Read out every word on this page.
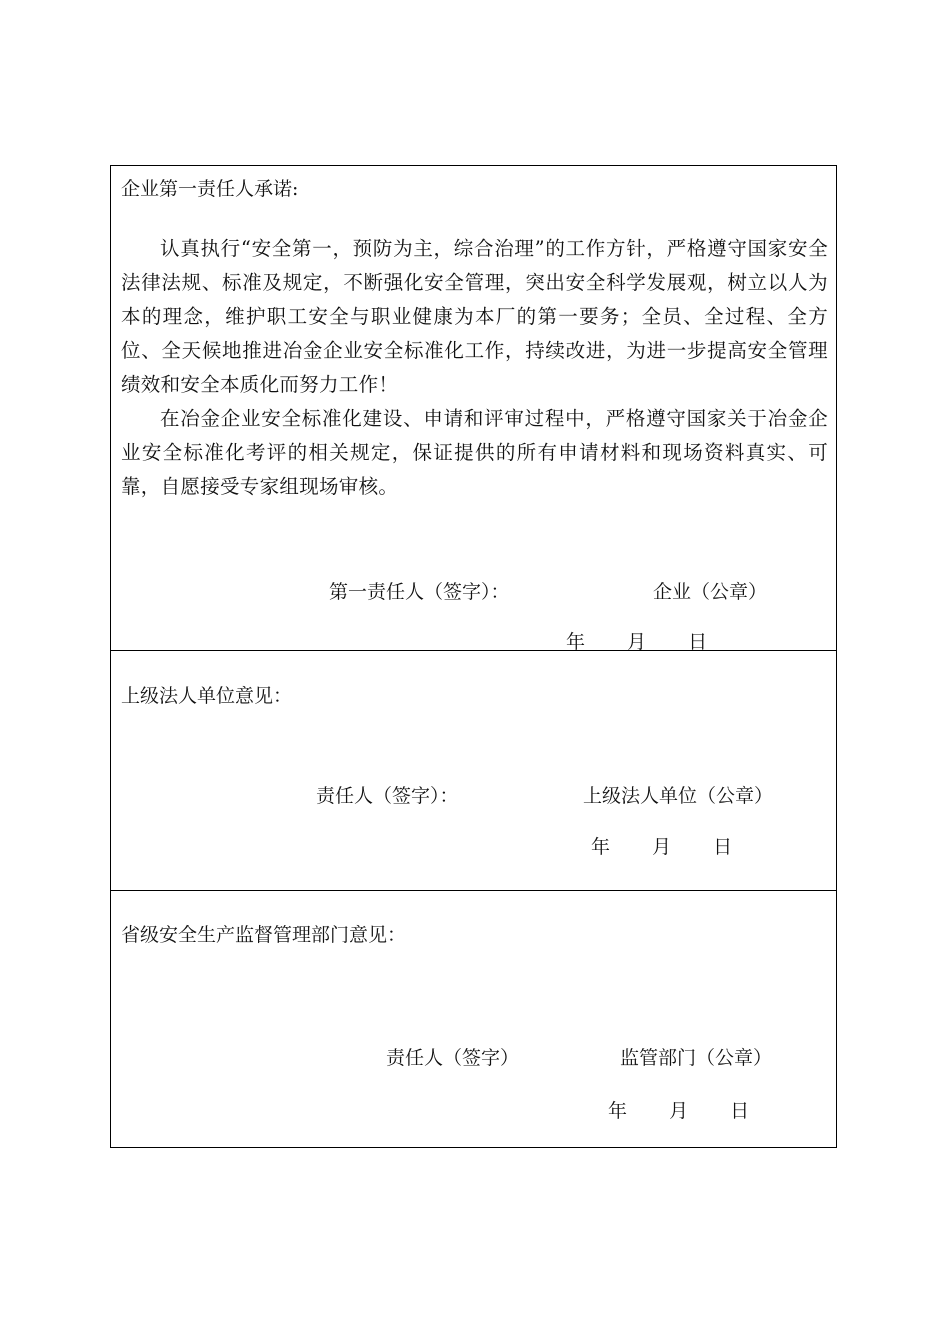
企业第一责任人承诺:

认真执行“安全第一，预防为主，综合治理”的工作方针，严格遵守国家安全法律法规、标准及规定，不断强化安全管理，突出安全科学发展观，树立以人为本的理念，维护职工安全与职业健康为本厂的第一要务；全员、全过程、全方位、全天候地推进冶金企业安全标准化工作，持续改进，为进一步提高安全管理绩效和安全本质化而努力工作！

在冶金企业安全标准化建设、申请和评审过程中，严格遵守国家关于冶金企业安全标准化考评的相关规定，保证提供的所有申请材料和现场资料真实、可靠，自愿接受专家组现场审核。

第一责任人（签字）：	企业（公章）
年 月 日
上级法人单位意见：
责任人（签字）：	上级法人单位（公章）
年 月 日
省级安全生产监督管理部门意见：
责任人（签字）	监管部门（公章）
年 月 日
